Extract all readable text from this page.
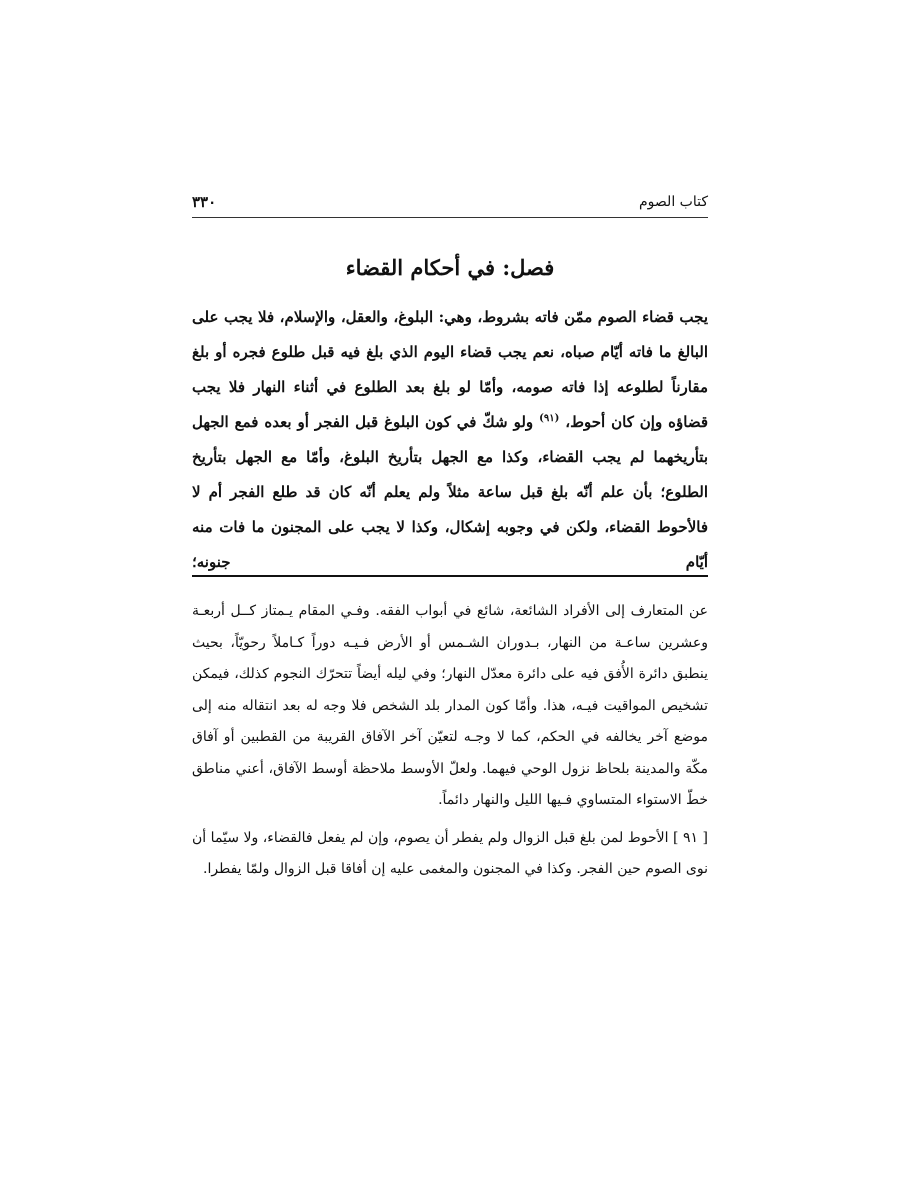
كتاب الصوم
٣٣٠
فصل: في أحكام القضاء

يجب قضاء الصوم ممّن فاته بشروط، وهي: البلوغ، والعقل، والإسلام، فلا يجب على البالغ ما فاته أيّام صباه، نعم يجب قضاء اليوم الذي بلغ فيه قبل طلوع فجره أو بلغ مقارناً لطلوعه إذا فاته صومه، وأمّا لو بلغ بعد الطلوع في أثناء النهار فلا يجب قضاؤه وإن كان أحوط، $^{(٩١)}$ ولو شكّ في كون البلوغ قبل الفجر أو بعده فمع الجهل بتأريخهما لم يجب القضاء، وكذا مع الجهل بتأريخ البلوغ، وأمّا مع الجهل بتأريخ الطلوع؛ بأن علم أنّه بلغ قبل ساعة مثلاً ولم يعلم أنّه كان قد طلع الفجر أم لا فالأحوط القضاء، ولكن في وجوبه إشكال، وكذا لا يجب على المجنون ما فات منه أيّام جنونه؛

عن المتعارف إلى الأفراد الشائعة، شائع في أبواب الفقه. وفـي المقام يـمتاز كــل أربعـة وعشرين ساعـة من النهار، بـدوران الشـمس أو الأرض فـيـه دوراً كـاملاً رحويّاً، بحيث ينطبق دائرة الأُفق فيه على دائرة معدّل النهار؛ وفي ليله أيضاً تتحرّك النجوم كذلك، فيمكن تشخيص المواقيت فيـه، هذا. وأمّا كون المدار بلد الشخص فلا وجه له بعد انتقاله منه إلى موضع آخر يخالفه في الحكم، كما لا وجـه لتعيّن آخر الآفاق القريبة من القطبين أو آفاق مكّة والمدينة بلحاظ نزول الوحي فيهما. ولعلّ الأوسط ملاحظة أوسط الآفاق، أعني مناطق خطّ الاستواء المتساوي فـيها الليل والنهار دائماً.

[ ٩١ ] الأحوط لمن بلغ قبل الزوال ولم يفطر أن يصوم، وإن لم يفعل فالقضاء، ولا سيّما أن نوى الصوم حين الفجر. وكذا في المجنون والمغمى عليه إن أفاقا قبل الزوال ولمّا يفطرا.
